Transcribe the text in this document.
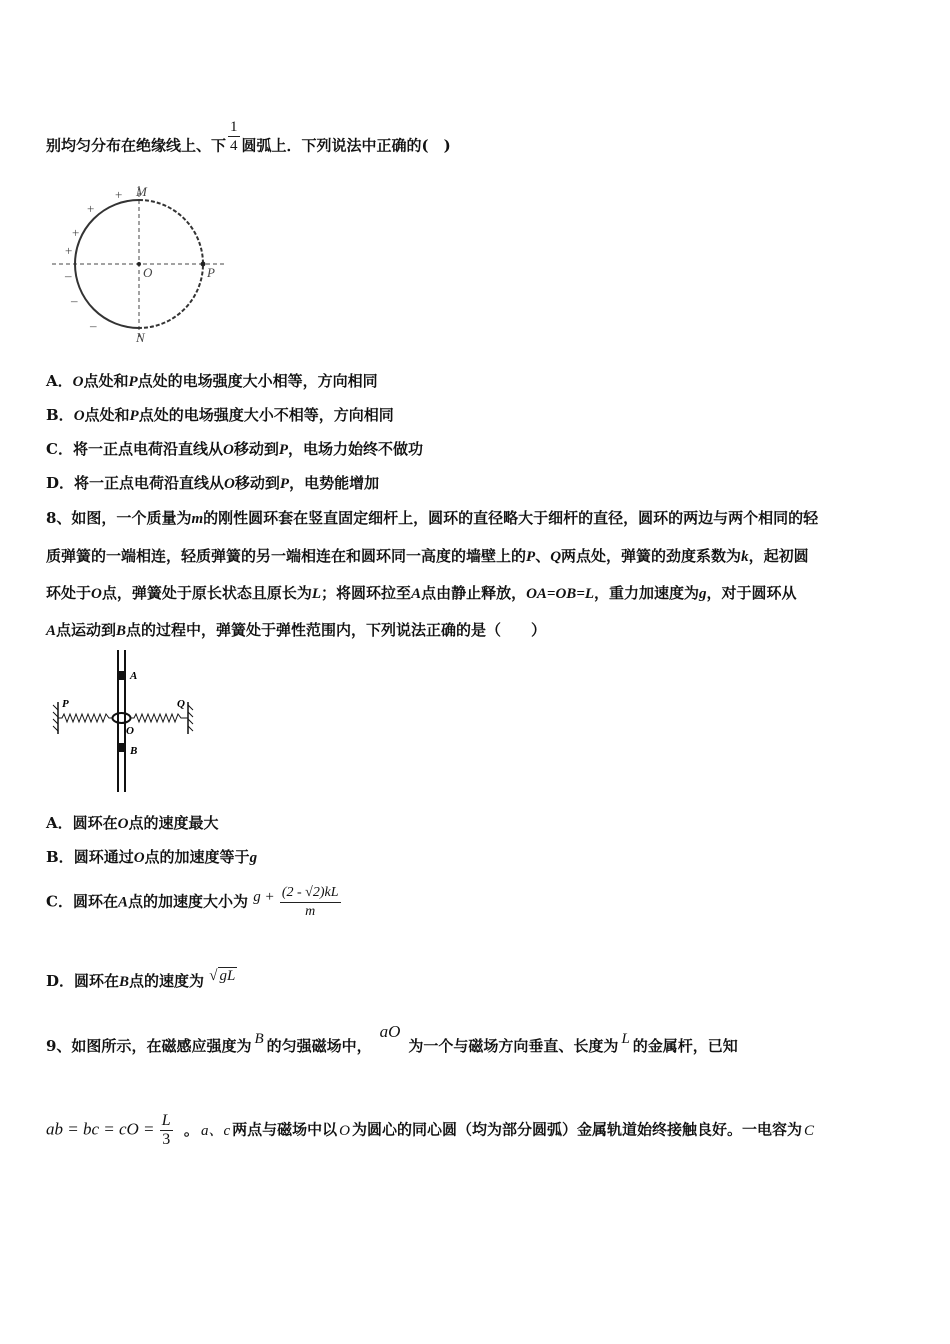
别均匀分布在绝缘线上、下 $\frac{1}{4}$ 圆弧上．下列说法中正确的(　)
+
+
+
+
–
–
–
M
N
O	P
A．O点处和P点处的电场强度大小相等，方向相同
B．O点处和P点处的电场强度大小不相等，方向相同
C．将一正点电荷沿直线从O移动到P，电场力始终不做功
D．将一正点电荷沿直线从O移动到P，电势能增加
8、如图，一个质量为m的刚性圆环套在竖直固定细杆上，圆环的直径略大于细杆的直径，圆环的两边与两个相同的轻
质弹簧的一端相连，轻质弹簧的另一端相连在和圆环同一高度的墙壁上的P、Q两点处，弹簧的劲度系数为k，起初圆
环处于O点，弹簧处于原长状态且原长为L；将圆环拉至A点由静止释放，OA=OB=L，重力加速度为g，对于圆环从
A点运动到B点的过程中，弹簧处于弹性范围内，下列说法正确的是（　　）
A
B
O
P	Q
A．圆环在O点的速度最大
B．圆环通过O点的加速度等于g
C．圆环在A点的加速度大小为 $g + \frac{(2 - √2)kL}{m}$
D．圆环在B点的速度为 √ gL
9、如图所示，在磁感应强度为 B 的匀强磁场中，aO为一个与磁场方向垂直、长度为 L 的金属杆，已知
ab = bc = cO = $\frac{L}{3}$ 。 a、c 两点与磁场中以 O 为圆心的同心圆（均为部分圆弧）金属轨道始终接触良好。一电容为 C
